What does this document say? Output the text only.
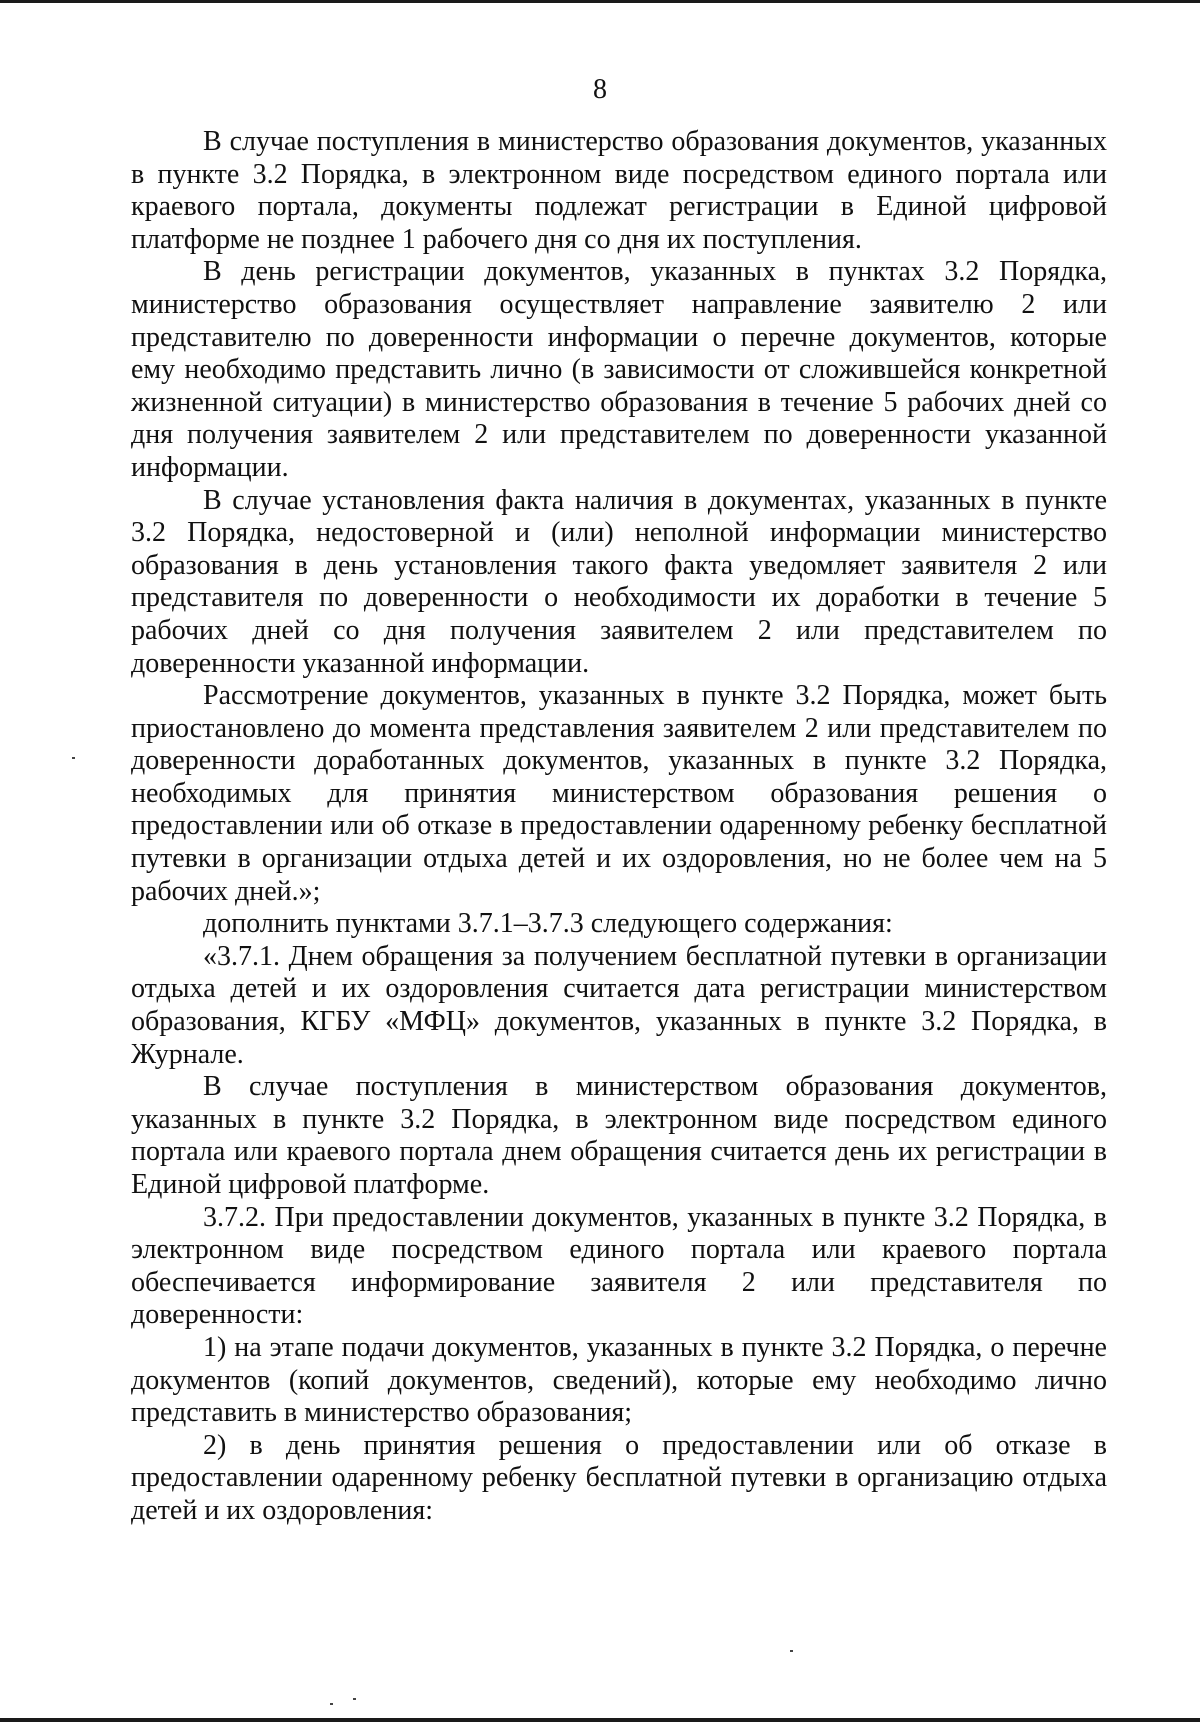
8

В случае поступления в министерство образования документов, указанных в пункте 3.2 Порядка, в электронном виде посредством единого портала или краевого портала, документы подлежат регистрации в Единой цифровой платформе не позднее 1 рабочего дня со дня их поступления.

В день регистрации документов, указанных в пунктах 3.2 Порядка, министерство образования осуществляет направление заявителю 2 или представителю по доверенности информации о перечне документов, которые ему необходимо представить лично (в зависимости от сложившейся конкретной жизненной ситуации) в министерство образования в течение 5 рабочих дней со дня получения заявителем 2 или представителем по доверенности указанной информации.

В случае установления факта наличия в документах, указанных в пункте 3.2 Порядка, недостоверной и (или) неполной информации министерство образования в день установления такого факта уведомляет заявителя 2 или представителя по доверенности о необходимости их доработки в течение 5 рабочих дней со дня получения заявителем 2 или представителем по доверенности указанной информации.

Рассмотрение документов, указанных в пункте 3.2 Порядка, может быть приостановлено до момента представления заявителем 2 или представителем по доверенности доработанных документов, указанных в пункте 3.2 Порядка, необходимых для принятия министерством образования решения о предоставлении или об отказе в предоставлении одаренному ребенку бесплатной путевки в организации отдыха детей и их оздоровления, но не более чем на 5 рабочих дней.»;

дополнить пунктами 3.7.1–3.7.3 следующего содержания:

«3.7.1. Днем обращения за получением бесплатной путевки в организации отдыха детей и их оздоровления считается дата регистрации министерством образования, КГБУ «МФЦ» документов, указанных в пункте 3.2 Порядка, в Журнале.

В случае поступления в министерством образования документов, указанных в пункте 3.2 Порядка, в электронном виде посредством единого портала или краевого портала днем обращения считается день их регистрации в Единой цифровой платформе.

3.7.2. При предоставлении документов, указанных в пункте 3.2 Порядка, в электронном виде посредством единого портала или краевого портала обеспечивается информирование заявителя 2 или представителя по доверенности:

1) на этапе подачи документов, указанных в пункте 3.2 Порядка, о перечне документов (копий документов, сведений), которые ему необходимо лично представить в министерство образования;

2) в день принятия решения о предоставлении или об отказе в предоставлении одаренному ребенку бесплатной путевки в организацию отдыха детей и их оздоровления:
